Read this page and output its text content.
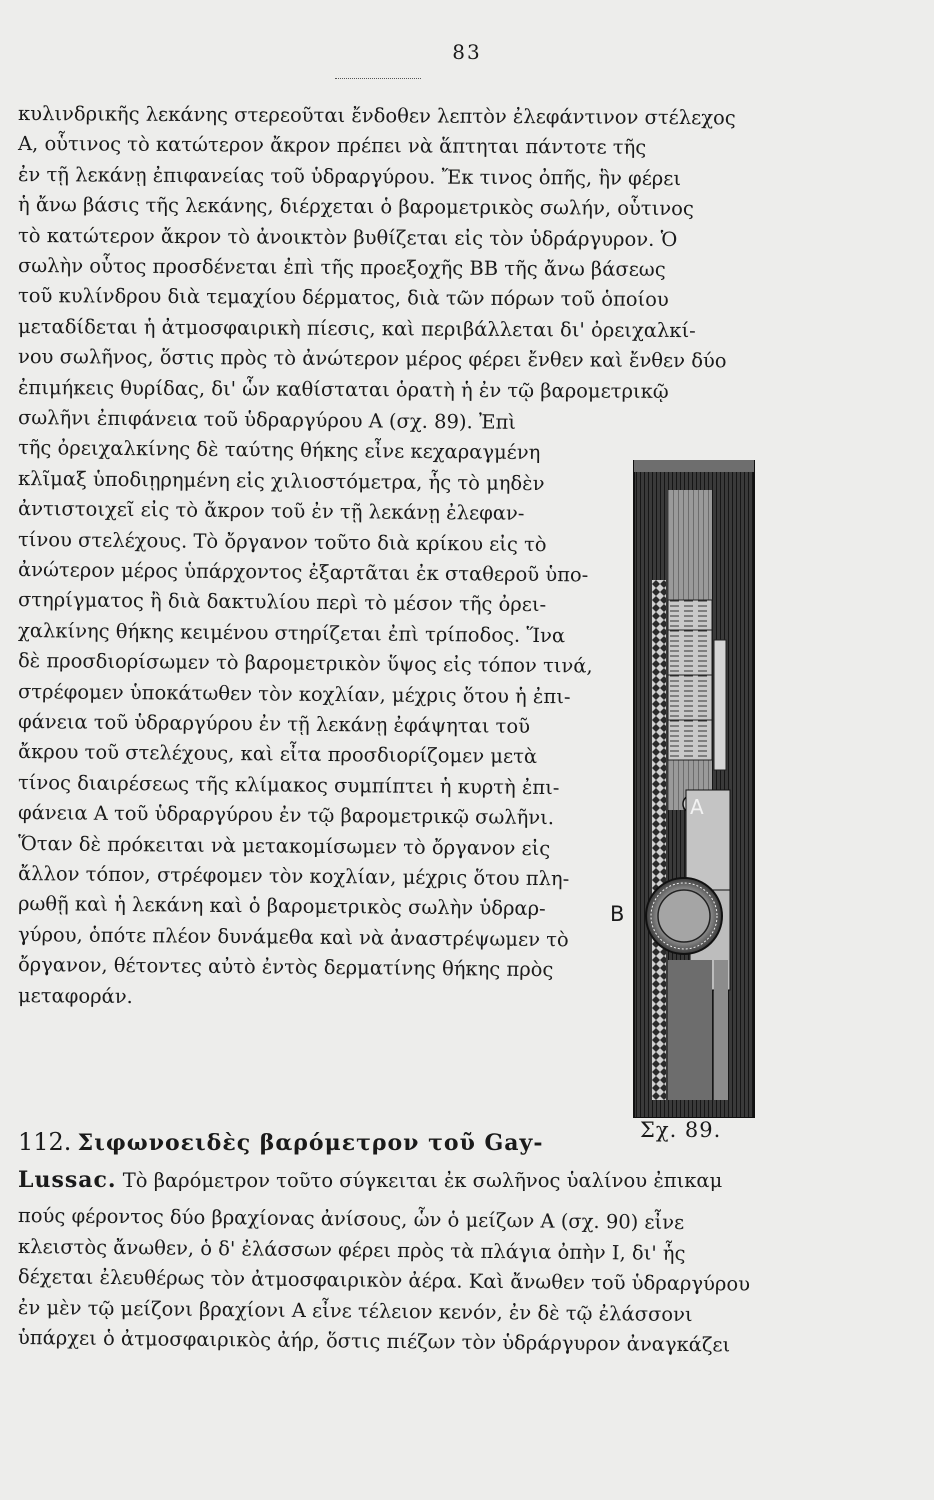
83
κυλινδρικῆς λεκάνης στερεοῦται ἔνδοθεν λεπτὸν ἐλεφάντινον στέλεχος
Α, οὗτινος τὸ κατώτερον ἄκρον πρέπει νὰ ἅπτηται πάντοτε τῆς
ἐν τῇ λεκάνῃ ἐπιφανείας τοῦ ὑδραργύρου. Ἔκ τινος ὀπῆς, ἣν φέρει
ἡ ἄνω βάσις τῆς λεκάνης, διέρχεται ὁ βαρομετρικὸς σωλήν, οὗτινος
τὸ κατώτερον ἄκρον τὸ ἀνοικτὸν βυθίζεται εἰς τὸν ὑδράργυρον. Ὁ
σωλὴν οὗτος προσδένεται ἐπὶ τῆς προεξοχῆς ΒΒ τῆς ἄνω βάσεως
τοῦ κυλίνδρου διὰ τεμαχίου δέρματος, διὰ τῶν πόρων τοῦ ὁποίου
μεταδίδεται ἡ ἀτμοσφαιρικὴ πίεσις, καὶ περιβάλλεται δι' ὀρειχαλκί-
νου σωλῆνος, ὅστις πρὸς τὸ ἀνώτερον μέρος φέρει ἔνθεν καὶ ἔνθεν δύο
ἐπιμήκεις θυρίδας, δι' ὧν καθίσταται ὁρατὴ ἡ ἐν τῷ βαρομετρικῷ
σωλῆνι ἐπιφάνεια τοῦ ὑδραργύρου Α (σχ. 89). Ἐπὶ
τῆς ὀρειχαλκίνης δὲ ταύτης θήκης εἶνε κεχαραγμένη
κλῖμαξ ὑποδιῃρημένη εἰς χιλιοστόμετρα, ἧς τὸ μηδὲν
ἀντιστοιχεῖ εἰς τὸ ἄκρον τοῦ ἐν τῇ λεκάνῃ ἐλεφαν-
τίνου στελέχους. Τὸ ὄργανον τοῦτο διὰ κρίκου εἰς τὸ
ἀνώτερον μέρος ὑπάρχοντος ἐξαρτᾶται ἐκ σταθεροῦ ὑπο-
στηρίγματος ἢ διὰ δακτυλίου περὶ τὸ μέσον τῆς ὀρει-
χαλκίνης θήκης κειμένου στηρίζεται ἐπὶ τρίποδος. Ἵνα
δὲ προσδιορίσωμεν τὸ βαρομετρικὸν ὕψος εἰς τόπον τινά,
στρέφομεν ὑποκάτωθεν τὸν κοχλίαν, μέχρις ὅτου ἡ ἐπι-
φάνεια τοῦ ὑδραργύρου ἐν τῇ λεκάνῃ ἐφάψηται τοῦ
ἄκρου τοῦ στελέχους, καὶ εἶτα προσδιορίζομεν μετὰ
τίνος διαιρέσεως τῆς κλίμακος συμπίπτει ἡ κυρτὴ ἐπι-
φάνεια Α τοῦ ὑδραργύρου ἐν τῷ βαρομετρικῷ σωλῆνι.
Ὅταν δὲ πρόκειται νὰ μετακομίσωμεν τὸ ὄργανον εἰς
ἄλλον τόπον, στρέφομεν τὸν κοχλίαν, μέχρις ὅτου πλη-
ρωθῇ καὶ ἡ λεκάνη καὶ ὁ βαρομετρικὸς σωλὴν ὑδραρ-
γύρου, ὁπότε πλέον δυνάμεθα καὶ νὰ ἀναστρέψωμεν τὸ
ὄργανον, θέτοντες αὐτὸ ἐντὸς δερματίνης θήκης πρὸς
μεταφοράν.
A
B
Σχ. 89.
112. Σιφωνοειδὲς βαρόμετρον τοῦ Gay-
Lussac. Τὸ βαρόμετρον τοῦτο σύγκειται ἐκ σωλῆνος ὑαλίνου ἐπικαμ
πούς φέροντος δύο βραχίονας ἀνίσους, ὧν ὁ μείζων Α (σχ. 90) εἶνε
κλειστὸς ἄνωθεν, ὁ δ' ἐλάσσων φέρει πρὸς τὰ πλάγια ὀπὴν Ι, δι' ἧς
δέχεται ἐλευθέρως τὸν ἀτμοσφαιρικὸν ἀέρα. Καὶ ἄνωθεν τοῦ ὑδραργύρου
ἐν μὲν τῷ μείζονι βραχίονι Α εἶνε τέλειον κενόν, ἐν δὲ τῷ ἐλάσσονι
ὑπάρχει ὁ ἀτμοσφαιρικὸς ἀήρ, ὅστις πιέζων τὸν ὑδράργυρον ἀναγκάζει
